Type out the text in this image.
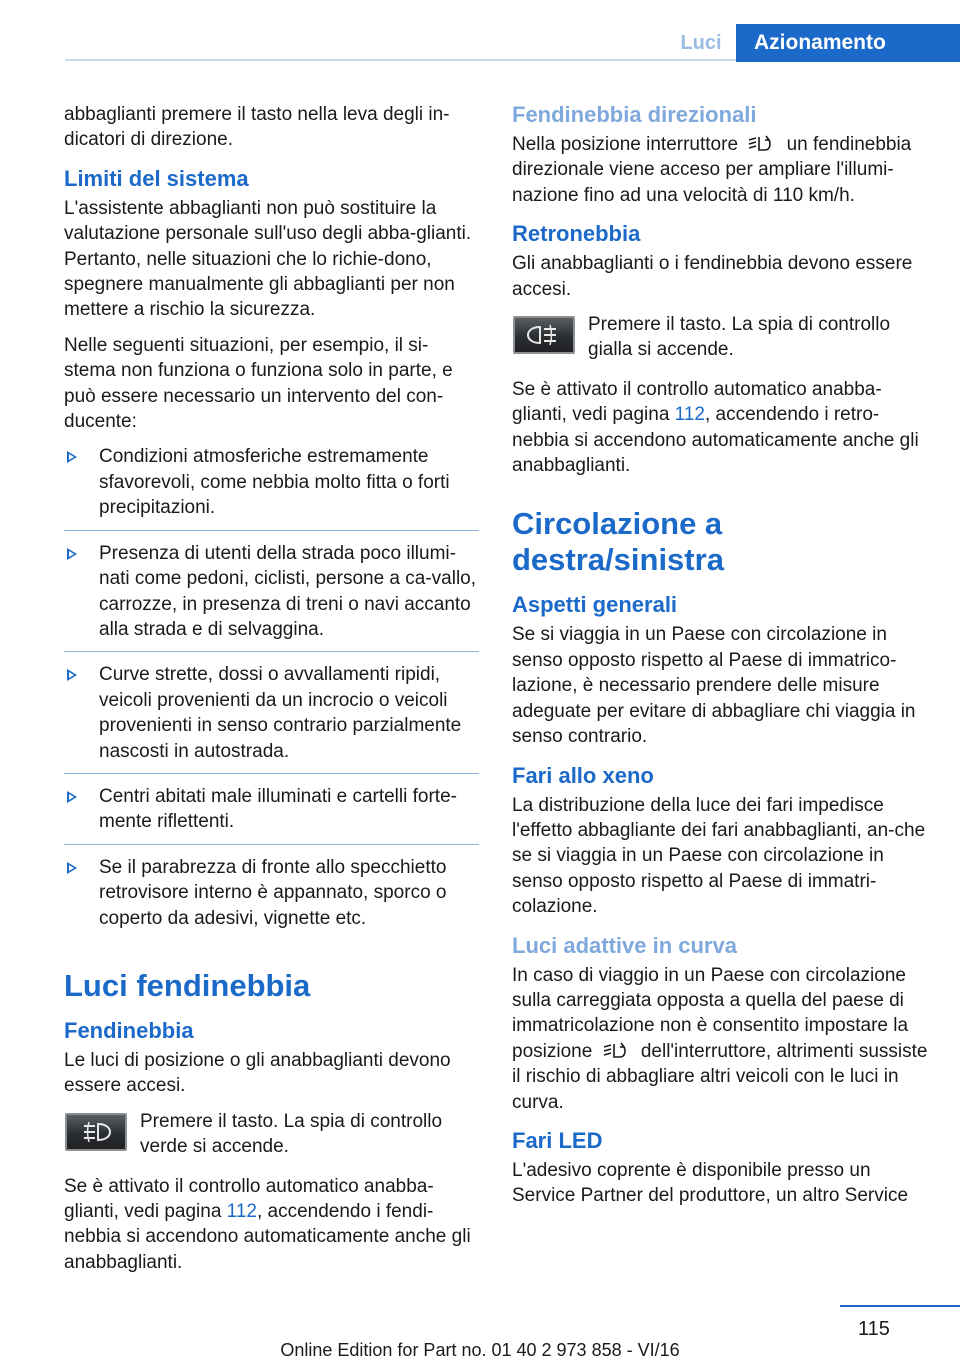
Luci	Azionamento

abbaglianti premere il tasto nella leva degli in-dicatori di direzione.

Limiti del sistema

L'assistente abbaglianti non può sostituire la valutazione personale sull'uso degli abba-glianti. Pertanto, nelle situazioni che lo richie-dono, spegnere manualmente gli abbaglianti per non mettere a rischio la sicurezza.

Nelle seguenti situazioni, per esempio, il si-stema non funziona o funziona solo in parte, e può essere necessario un intervento del con-ducente:

Condizioni atmosferiche estremamente sfavorevoli, come nebbia molto fitta o forti precipitazioni.
Presenza di utenti della strada poco illumi-nati come pedoni, ciclisti, persone a ca-vallo, carrozze, in presenza di treni o navi accanto alla strada e di selvaggina.
Curve strette, dossi o avvallamenti ripidi, veicoli provenienti da un incrocio o veicoli provenienti in senso contrario parzialmente nascosti in autostrada.
Centri abitati male illuminati e cartelli forte-mente riflettenti.
Se il parabrezza di fronte allo specchietto retrovisore interno è appannato, sporco o coperto da adesivi, vignette etc.
Luci fendinebbia
Fendinebbia

Le luci di posizione o gli anabbaglianti devono essere accesi.

Premere il tasto. La spia di controllo verde si accende.

Se è attivato il controllo automatico anabba-glianti, vedi pagina 112, accendendo i fendi-nebbia si accendono automaticamente anche gli anabbaglianti.

Fendinebbia direzionali

Nella posizione interruttore	un fendinebbia direzionale viene acceso per ampliare l'illumi-nazione fino ad una velocità di 110 km/h.

Retronebbia

Gli anabbaglianti o i fendinebbia devono essere accesi.

Premere il tasto. La spia di controllo gialla si accende.

Se è attivato il controllo automatico anabba-glianti, vedi pagina 112, accendendo i retro-nebbia si accendono automaticamente anche gli anabbaglianti.

Circolazione a destra/sinistra
Aspetti generali

Se si viaggia in un Paese con circolazione in senso opposto rispetto al Paese di immatrico-lazione, è necessario prendere delle misure adeguate per evitare di abbagliare chi viaggia in senso contrario.

Fari allo xeno

La distribuzione della luce dei fari impedisce l'effetto abbagliante dei fari anabbaglianti, an-che se si viaggia in un Paese con circolazione in senso opposto rispetto al Paese di immatri-colazione.

Luci adattive in curva

In caso di viaggio in un Paese con circolazione sulla carreggiata opposta a quella del paese di immatricolazione non è consentito impostare la posizione	dell'interruttore, altrimenti sussiste il rischio di abbagliare altri veicoli con le luci in curva.

Fari LED

L'adesivo coprente è disponibile presso un Service Partner del produttore, un altro Service

115
Online Edition for Part no. 01 40 2 973 858 - VI/16
